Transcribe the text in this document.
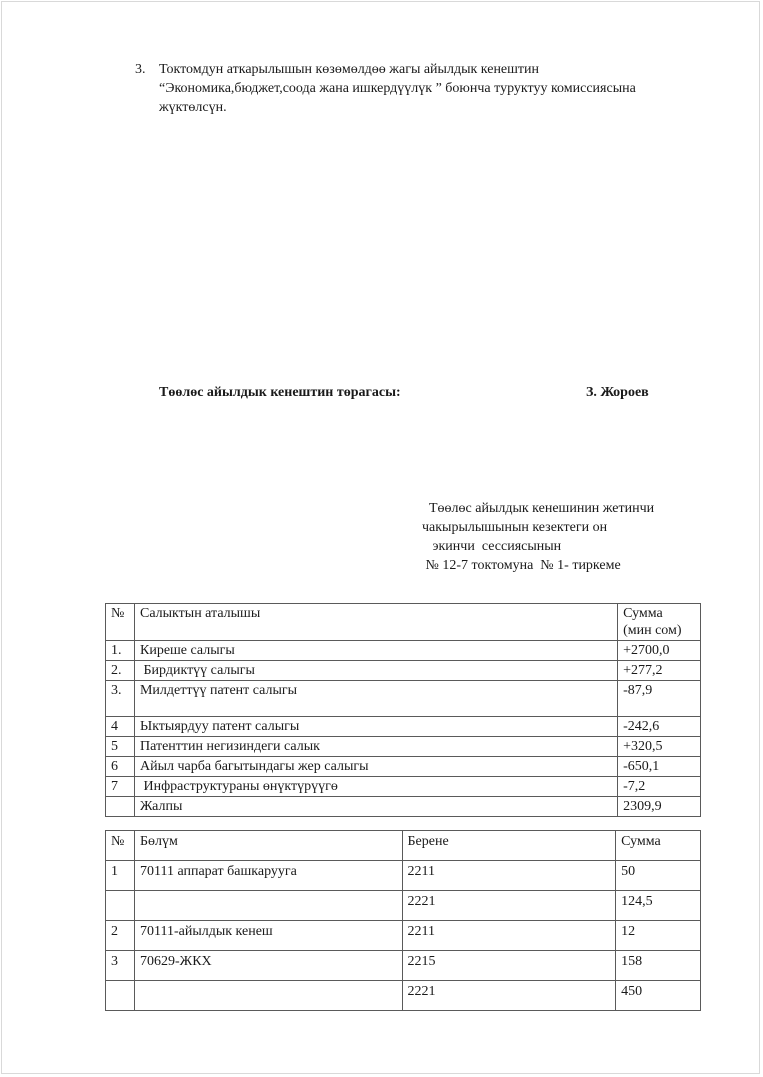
3. Токтомдун аткарылышын көзөмөлдөө жагы айылдык кенештин
“Экономика,бюджет,соода жана ишкердүүлүк ” боюнча туруктуу комиссиясына
жүктөлсүн.
Төөлөс айылдык кенештин төрагасы:	З. Жороев
Төөлөс айылдык кенешинин жетинчи
чакырылышынын кезектеги он
экинчи  сессиясынын
№ 12-7 токтомуна  № 1- тиркеме
№	Салыктын аталышы	Сумма
(мин сом)

1.	Киреше салыгы	+2700,0
2.	Бирдиктүү салыгы	+277,2
3.	Милдеттүү патент салыгы	-87,9
4	Ыктыярдуу патент салыгы	-242,6
5	Патенттин негизиндеги салык	+320,5
6	Айыл чарба багытындагы жер салыгы	-650,1
7	Инфраструктураны өнүктүрүүгө	-7,2
	Жалпы	2309,9
№	Бөлүм	Берене	Сумма
1	70111 аппарат башкарууга	2211	50
		2221	124,5
2	70111-айылдык кенеш	2211	12
3	70629-ЖКХ	2215	158
		2221	450
